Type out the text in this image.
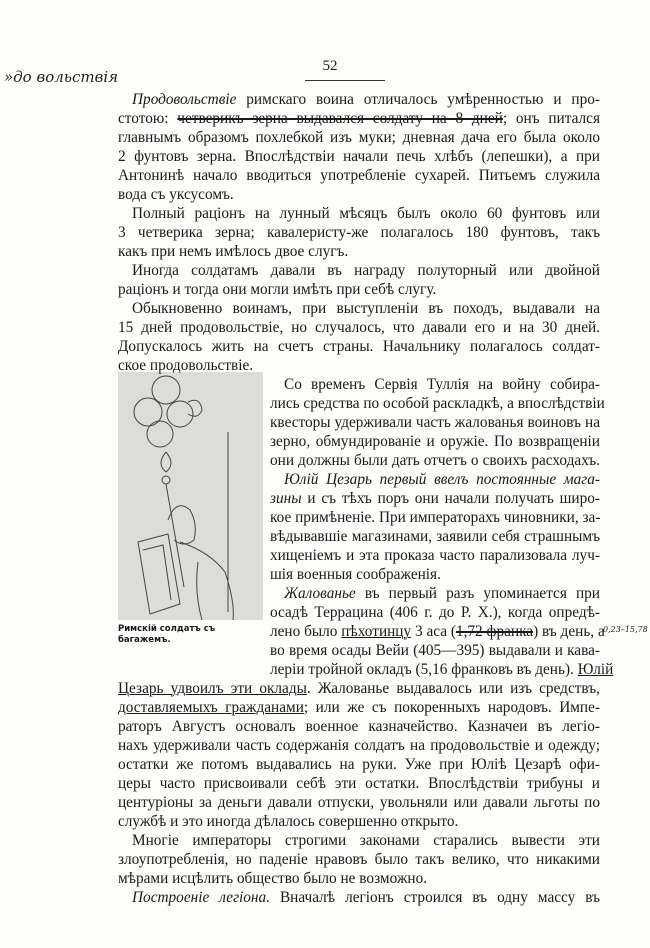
52
»до вольствія
0,23–15,78
Римскій солдатъ съ багажемъ.
Продовольствіе римскаго воина отличалось умѣренностью и про-
стотою: четверикъ зерна выдавался солдату на 8 дней; онъ питался
главнымъ образомъ похлебкой изъ муки; дневная дача его была около
2 фунтовъ зерна. Впослѣдствіи начали печь хлѣбъ (лепешки), а при
Антонинѣ начало вводиться употребленіе сухарей. Питьемъ служила
вода съ уксусомъ.
Полный раціонъ на лунный мѣсяцъ былъ около 60 фунтовъ или
3 четверика зерна; кавалеристу-же полагалось 180 фунтовъ, такъ
какъ при немъ имѣлось двое слугъ.
Иногда солдатамъ давали въ награду полуторный или двойной
раціонъ и тогда они могли имѣть при себѣ слугу.
Обыкновенно воинамъ, при выступленіи въ походъ, выдавали на
15 дней продовольствіе, но случалось, что давали его и на 30 дней.
Допускалось жить на счетъ страны. Начальнику полагалось солдат-
ское продовольствіе.
Со временъ Сервія Туллія на войну собира-
лись средства по особой раскладкѣ, а впослѣдствіи
квесторы удерживали часть жалованья воиновъ на
зерно, обмундированіе и оружіе. По возвращеніи
они должны были дать отчетъ о своихъ расходахъ.
Юлій Цезарь первый ввелъ постоянные мага-
зины и съ тѣхъ поръ они начали получать широ-
кое примѣненіе. При императорахъ чиновники, за-
вѣдывавшіе магазинами, заявили себя страшнымъ
хищеніемъ и эта проказа часто парализовала луч-
шія военныя соображенія.
Жалованье въ первый разъ упоминается при
осадѣ Террацина (406 г. до Р. Х.), когда опредѣ-
лено было пѣхотинцу 3 аса (1,72 франка) въ день, а
во время осады Вейи (405—395) выдавали и кава-
леріи тройной окладъ (5,16 франковъ въ день). Юлій
Цезарь удвоилъ эти оклады. Жалованье выдавалось или изъ средствъ,
доставляемыхъ гражданами; или же съ покоренныхъ народовъ. Импе-
раторъ Августъ основалъ военное казначейство. Казначеи въ легіо-
нахъ удерживали часть содержанія солдатъ на продовольствіе и одежду;
остатки же потомъ выдавались на руки. Уже при Юліѣ Цезарѣ офи-
церы часто присвоивали себѣ эти остатки. Впослѣдствіи трибуны и
центуріоны за деньги давали отпуски, увольняли или давали льготы по
службѣ и это иногда дѣлалось совершенно открыто.
Многіе императоры строгими законами старались вывести эти
злоупотребленія, но паденіе нравовъ было такъ велико, что никакими
мѣрами исцѣлить общество было не возможно.
Построеніе легіона. Вначалѣ легіонъ строился въ одну массу въ
